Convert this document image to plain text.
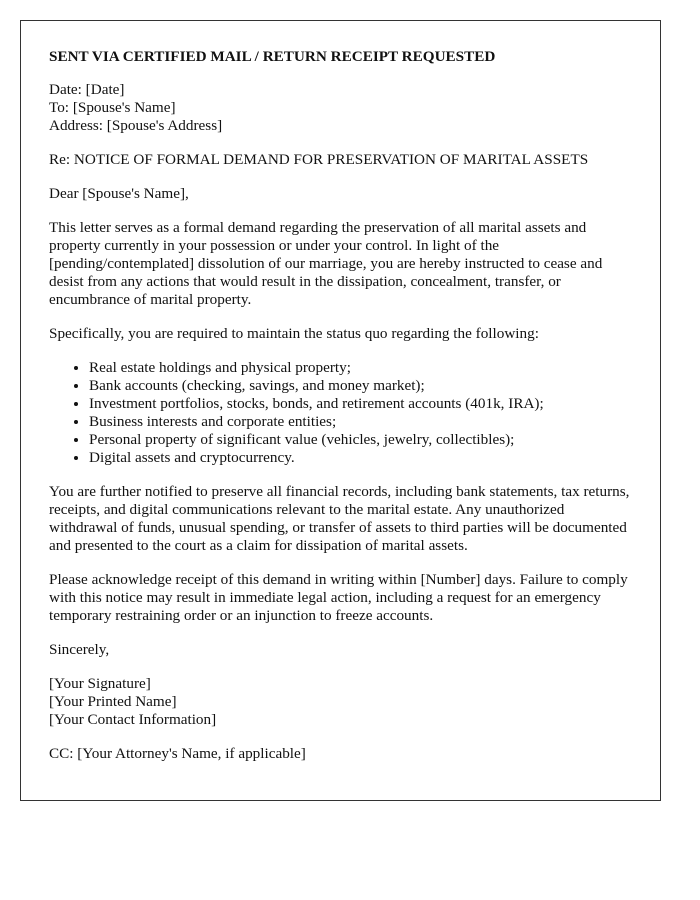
SENT VIA CERTIFIED MAIL / RETURN RECEIPT REQUESTED

Date: [Date]
To: [Spouse's Name]
Address: [Spouse's Address]

Re: NOTICE OF FORMAL DEMAND FOR PRESERVATION OF MARITAL ASSETS

Dear [Spouse's Name],

This letter serves as a formal demand regarding the preservation of all marital assets and property currently in your possession or under your control. In light of the [pending/contemplated] dissolution of our marriage, you are hereby instructed to cease and desist from any actions that would result in the dissipation, concealment, transfer, or encumbrance of marital property.

Specifically, you are required to maintain the status quo regarding the following:

• Real estate holdings and physical property;
• Bank accounts (checking, savings, and money market);
• Investment portfolios, stocks, bonds, and retirement accounts (401k, IRA);
• Business interests and corporate entities;
• Personal property of significant value (vehicles, jewelry, collectibles);
• Digital assets and cryptocurrency.

You are further notified to preserve all financial records, including bank statements, tax returns, receipts, and digital communications relevant to the marital estate. Any unauthorized withdrawal of funds, unusual spending, or transfer of assets to third parties will be documented and presented to the court as a claim for dissipation of marital assets.

Please acknowledge receipt of this demand in writing within [Number] days. Failure to comply with this notice may result in immediate legal action, including a request for an emergency temporary restraining order or an injunction to freeze accounts.

Sincerely,

[Your Signature]
[Your Printed Name]
[Your Contact Information]

CC: [Your Attorney's Name, if applicable]
